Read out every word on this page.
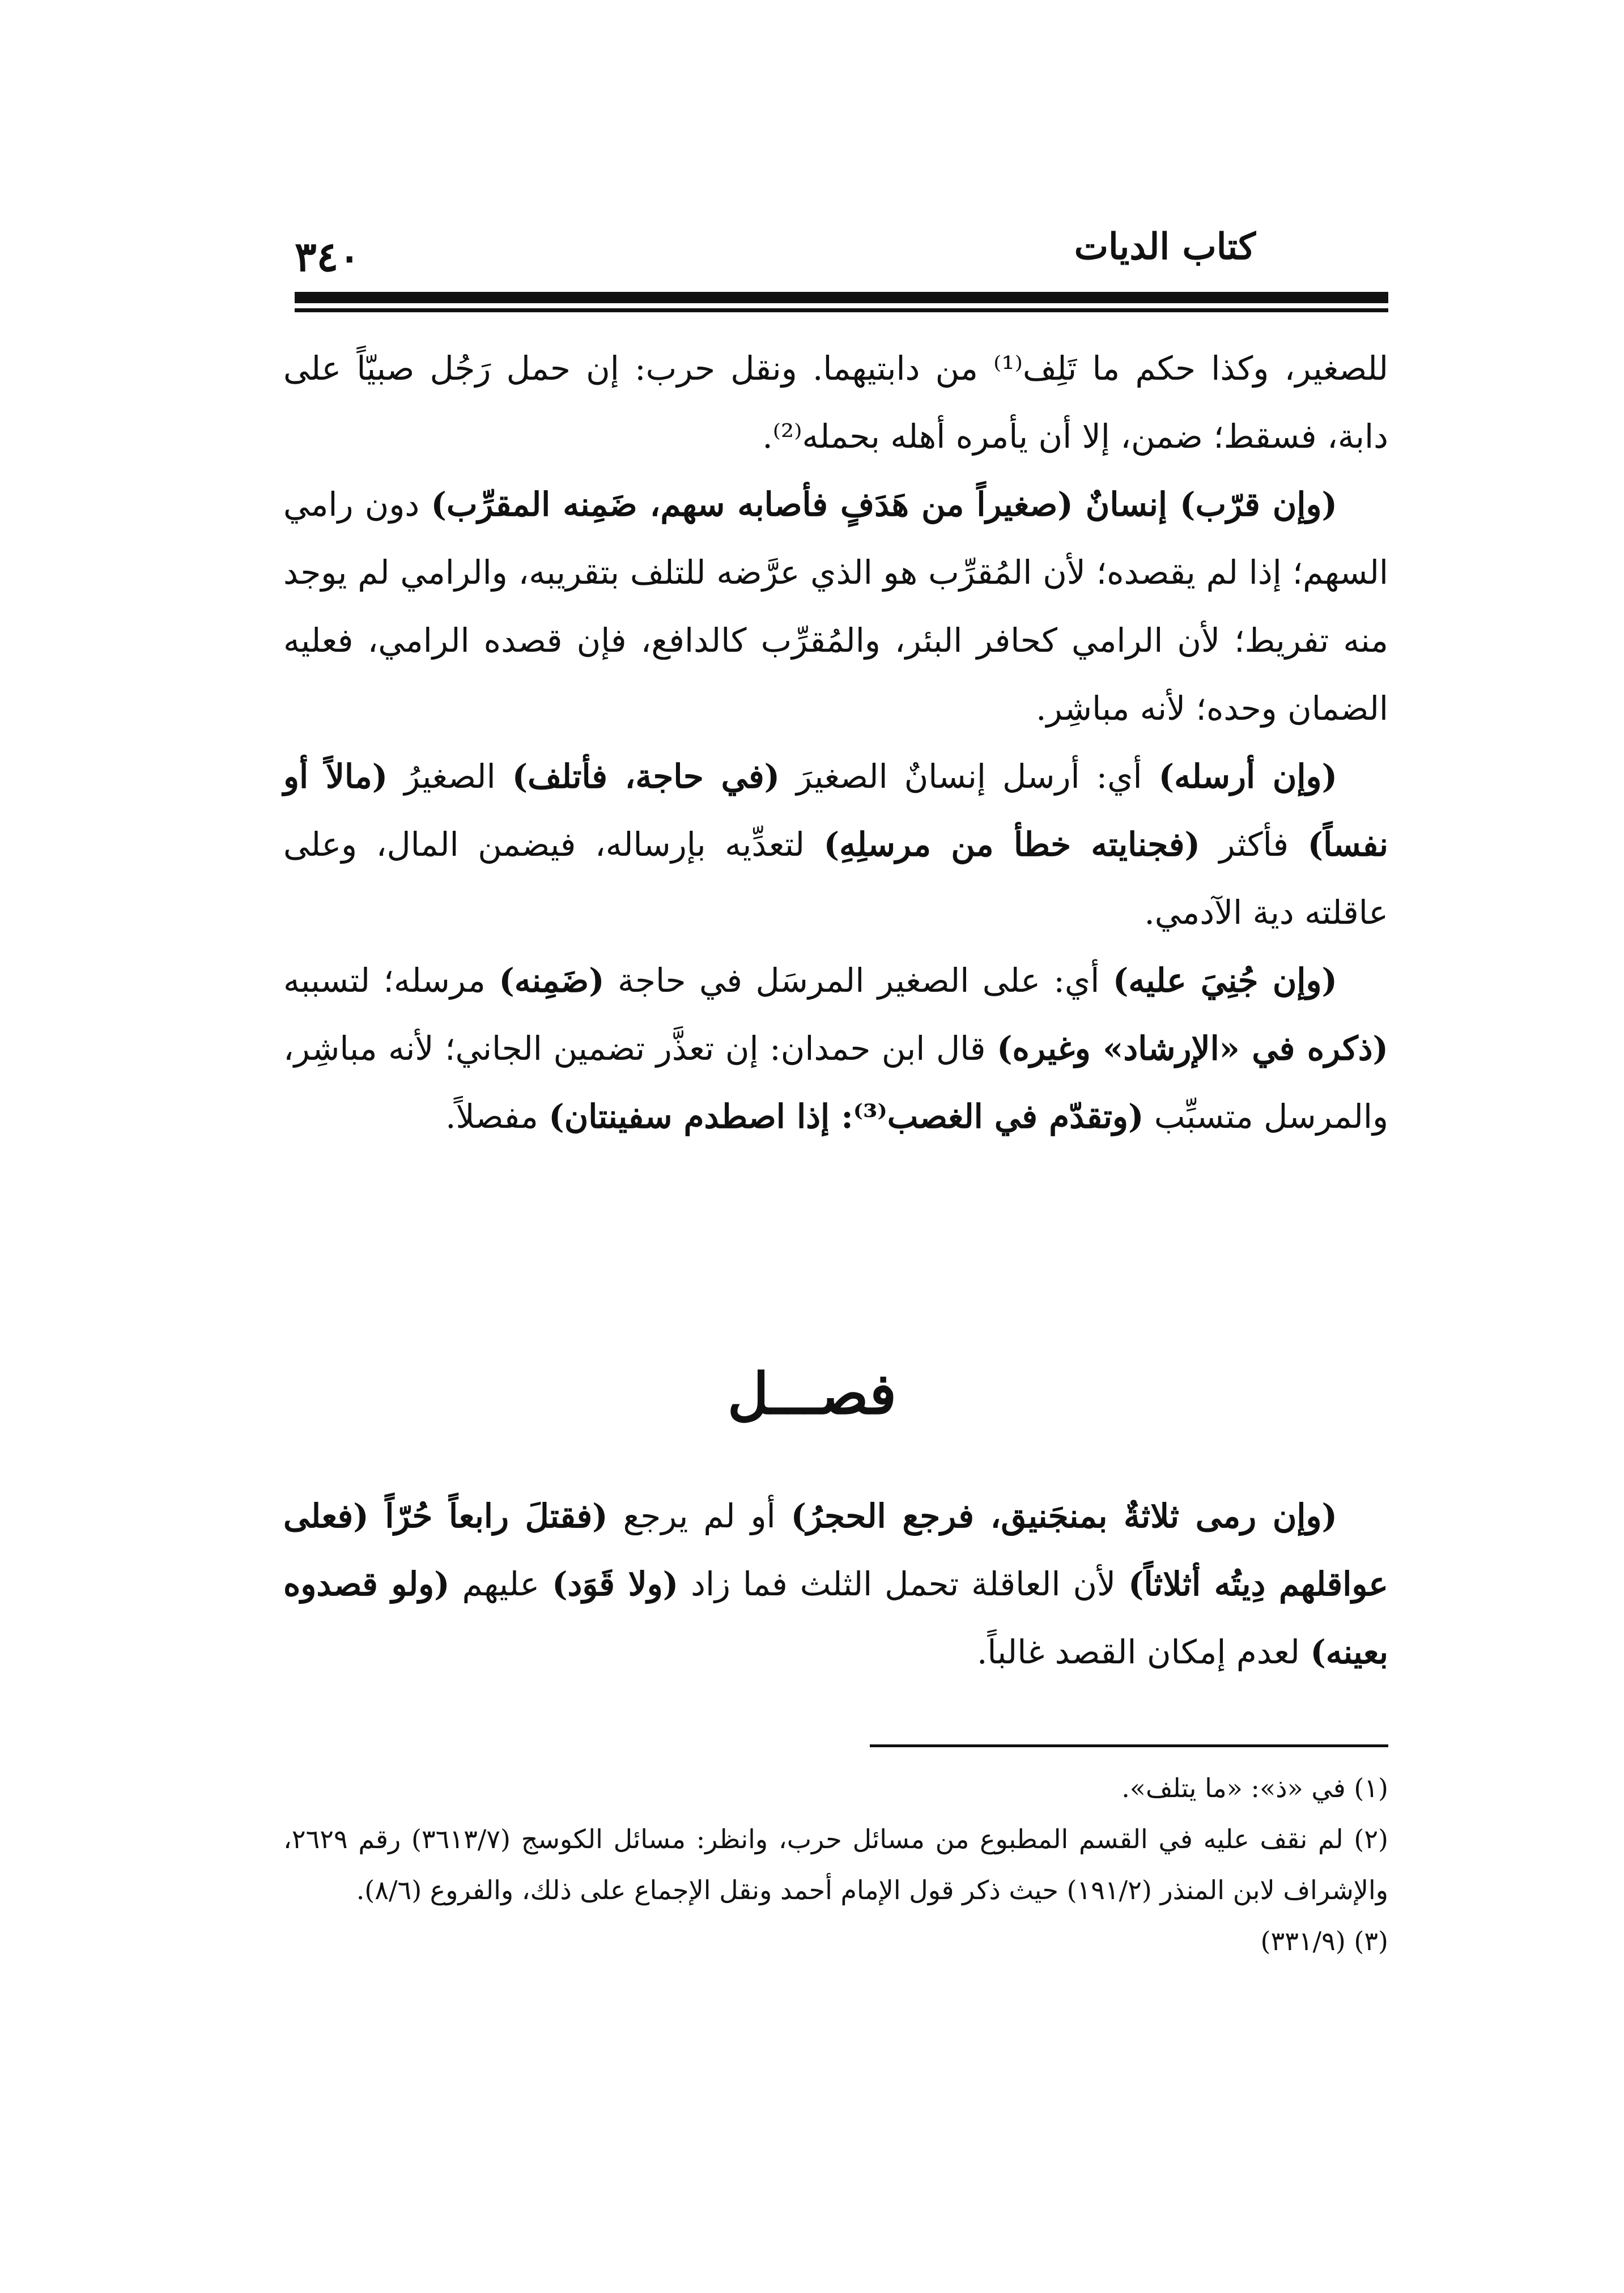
٣٤٠	كتاب الديات

للصغير، وكذا حكم ما تَلِف⁽¹⁾ من دابتيهما. ونقل حرب: إن حمل رَجُل صبيّاً على دابة، فسقط؛ ضمن، إلا أن يأمره أهله بحمله⁽²⁾.

(وإن قرّب) إنسانٌ (صغيراً من هَدَفٍ فأصابه سهم، ضَمِنه المقرِّب) دون رامي السهم؛ إذا لم يقصده؛ لأن المُقرِّب هو الذي عرَّضه للتلف بتقريبه، والرامي لم يوجد منه تفريط؛ لأن الرامي كحافر البئر، والمُقرِّب كالدافع، فإن قصده الرامي، فعليه الضمان وحده؛ لأنه مباشِر.

(وإن أرسله) أي: أرسل إنسانٌ الصغيرَ (في حاجة، فأتلف) الصغيرُ (مالاً أو نفساً) فأكثر (فجنايته خطأ من مرسلِهِ) لتعدِّيه بإرساله، فيضمن المال، وعلى عاقلته دية الآدمي.

(وإن جُنِيَ عليه) أي: على الصغير المرسَل في حاجة (ضَمِنه) مرسله؛ لتسببه (ذكره في «الإرشاد» وغيره) قال ابن حمدان: إن تعذَّر تضمين الجاني؛ لأنه مباشِر، والمرسل متسبِّب (وتقدّم في الغصب⁽³⁾: إذا اصطدم سفينتان) مفصلاً.

فصـــل

(وإن رمى ثلاثةٌ بمنجَنيق، فرجع الحجرُ) أو لم يرجع (فقتلَ رابعاً حُرّاً (فعلى عواقلهم دِيتُه أثلاثاً) لأن العاقلة تحمل الثلث فما زاد (ولا قَوَد) عليهم (ولو قصدوه بعينه) لعدم إمكان القصد غالباً.

(١) في «ذ»: «ما يتلف».

(٢) لم نقف عليه في القسم المطبوع من مسائل حرب، وانظر: مسائل الكوسج (٣٦١٣/٧) رقم ٢٦٢٩، والإشراف لابن المنذر (١٩١/٢) حيث ذكر قول الإمام أحمد ونقل الإجماع على ذلك، والفروع (٨/٦).

(٣) (٣٣١/٩)
